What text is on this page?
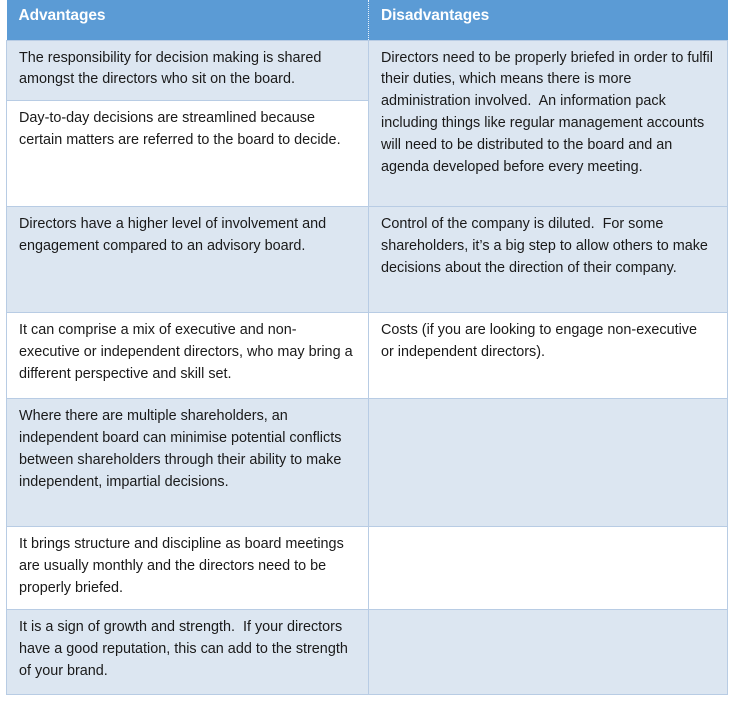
Advantages	Disadvantages

The responsibility for decision making is shared amongst the directors who sit on the board.	Directors need to be properly briefed in order to fulfil their duties, which means there is more administration involved.  An information pack including things like regular management accounts will need to be distributed to the board and an agenda developed before every meeting.

Day-to-day decisions are streamlined because certain matters are referred to the board to decide.	

Directors have a higher level of involvement and engagement compared to an advisory board.	Control of the company is diluted.  For some shareholders, it’s a big step to allow others to make decisions about the direction of their company.

It can comprise a mix of executive and non-executive or independent directors, who may bring a different perspective and skill set.	Costs (if you are looking to engage non-executive or independent directors).

Where there are multiple shareholders, an independent board can minimise potential conflicts between shareholders through their ability to make independent, impartial decisions.	

It brings structure and discipline as board meetings are usually monthly and the directors need to be properly briefed.	

It is a sign of growth and strength.  If your directors have a good reputation, this can add to the strength of your brand.	
